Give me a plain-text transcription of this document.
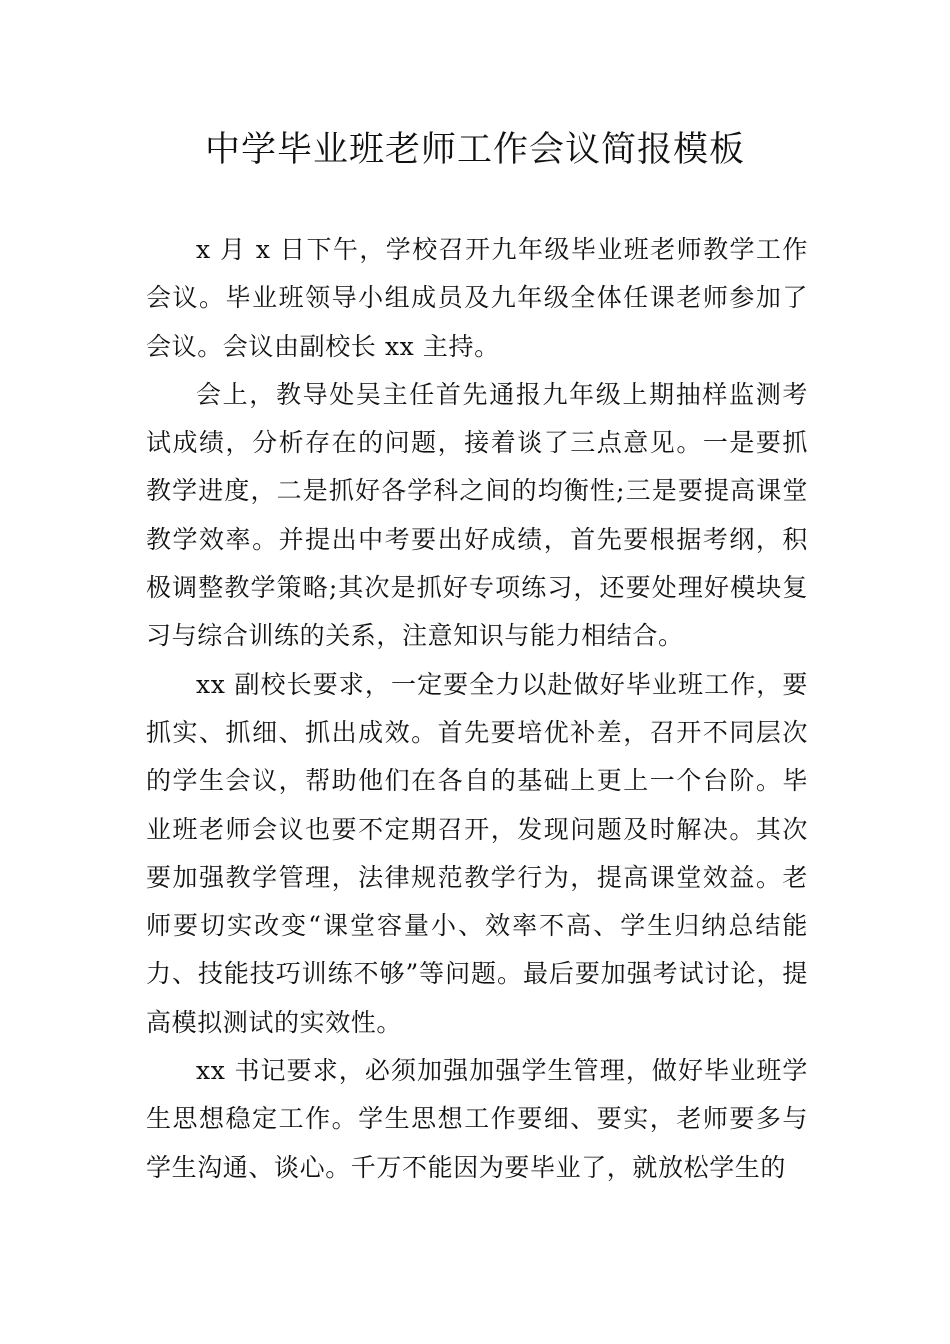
中学毕业班老师工作会议简报模板

x 月 x 日下午，学校召开九年级毕业班老师教学工作会议。毕业班领导小组成员及九年级全体任课老师参加了会议。会议由副校长 xx 主持。

会上，教导处吴主任首先通报九年级上期抽样监测考试成绩，分析存在的问题，接着谈了三点意见。一是要抓教学进度，二是抓好各学科之间的均衡性;三是要提高课堂教学效率。并提出中考要出好成绩，首先要根据考纲，积极调整教学策略;其次是抓好专项练习，还要处理好模块复习与综合训练的关系，注意知识与能力相结合。

xx 副校长要求，一定要全力以赴做好毕业班工作，要抓实、抓细、抓出成效。首先要培优补差，召开不同层次的学生会议，帮助他们在各自的基础上更上一个台阶。毕业班老师会议也要不定期召开，发现问题及时解决。其次要加强教学管理，法律规范教学行为，提高课堂效益。老师要切实改变“课堂容量小、效率不高、学生归纳总结能力、技能技巧训练不够”等问题。最后要加强考试讨论，提高模拟测试的实效性。

xx 书记要求，必须加强加强学生管理，做好毕业班学生思想稳定工作。学生思想工作要细、要实，老师要多与学生沟通、谈心。千万不能因为要毕业了，就放松学生的
